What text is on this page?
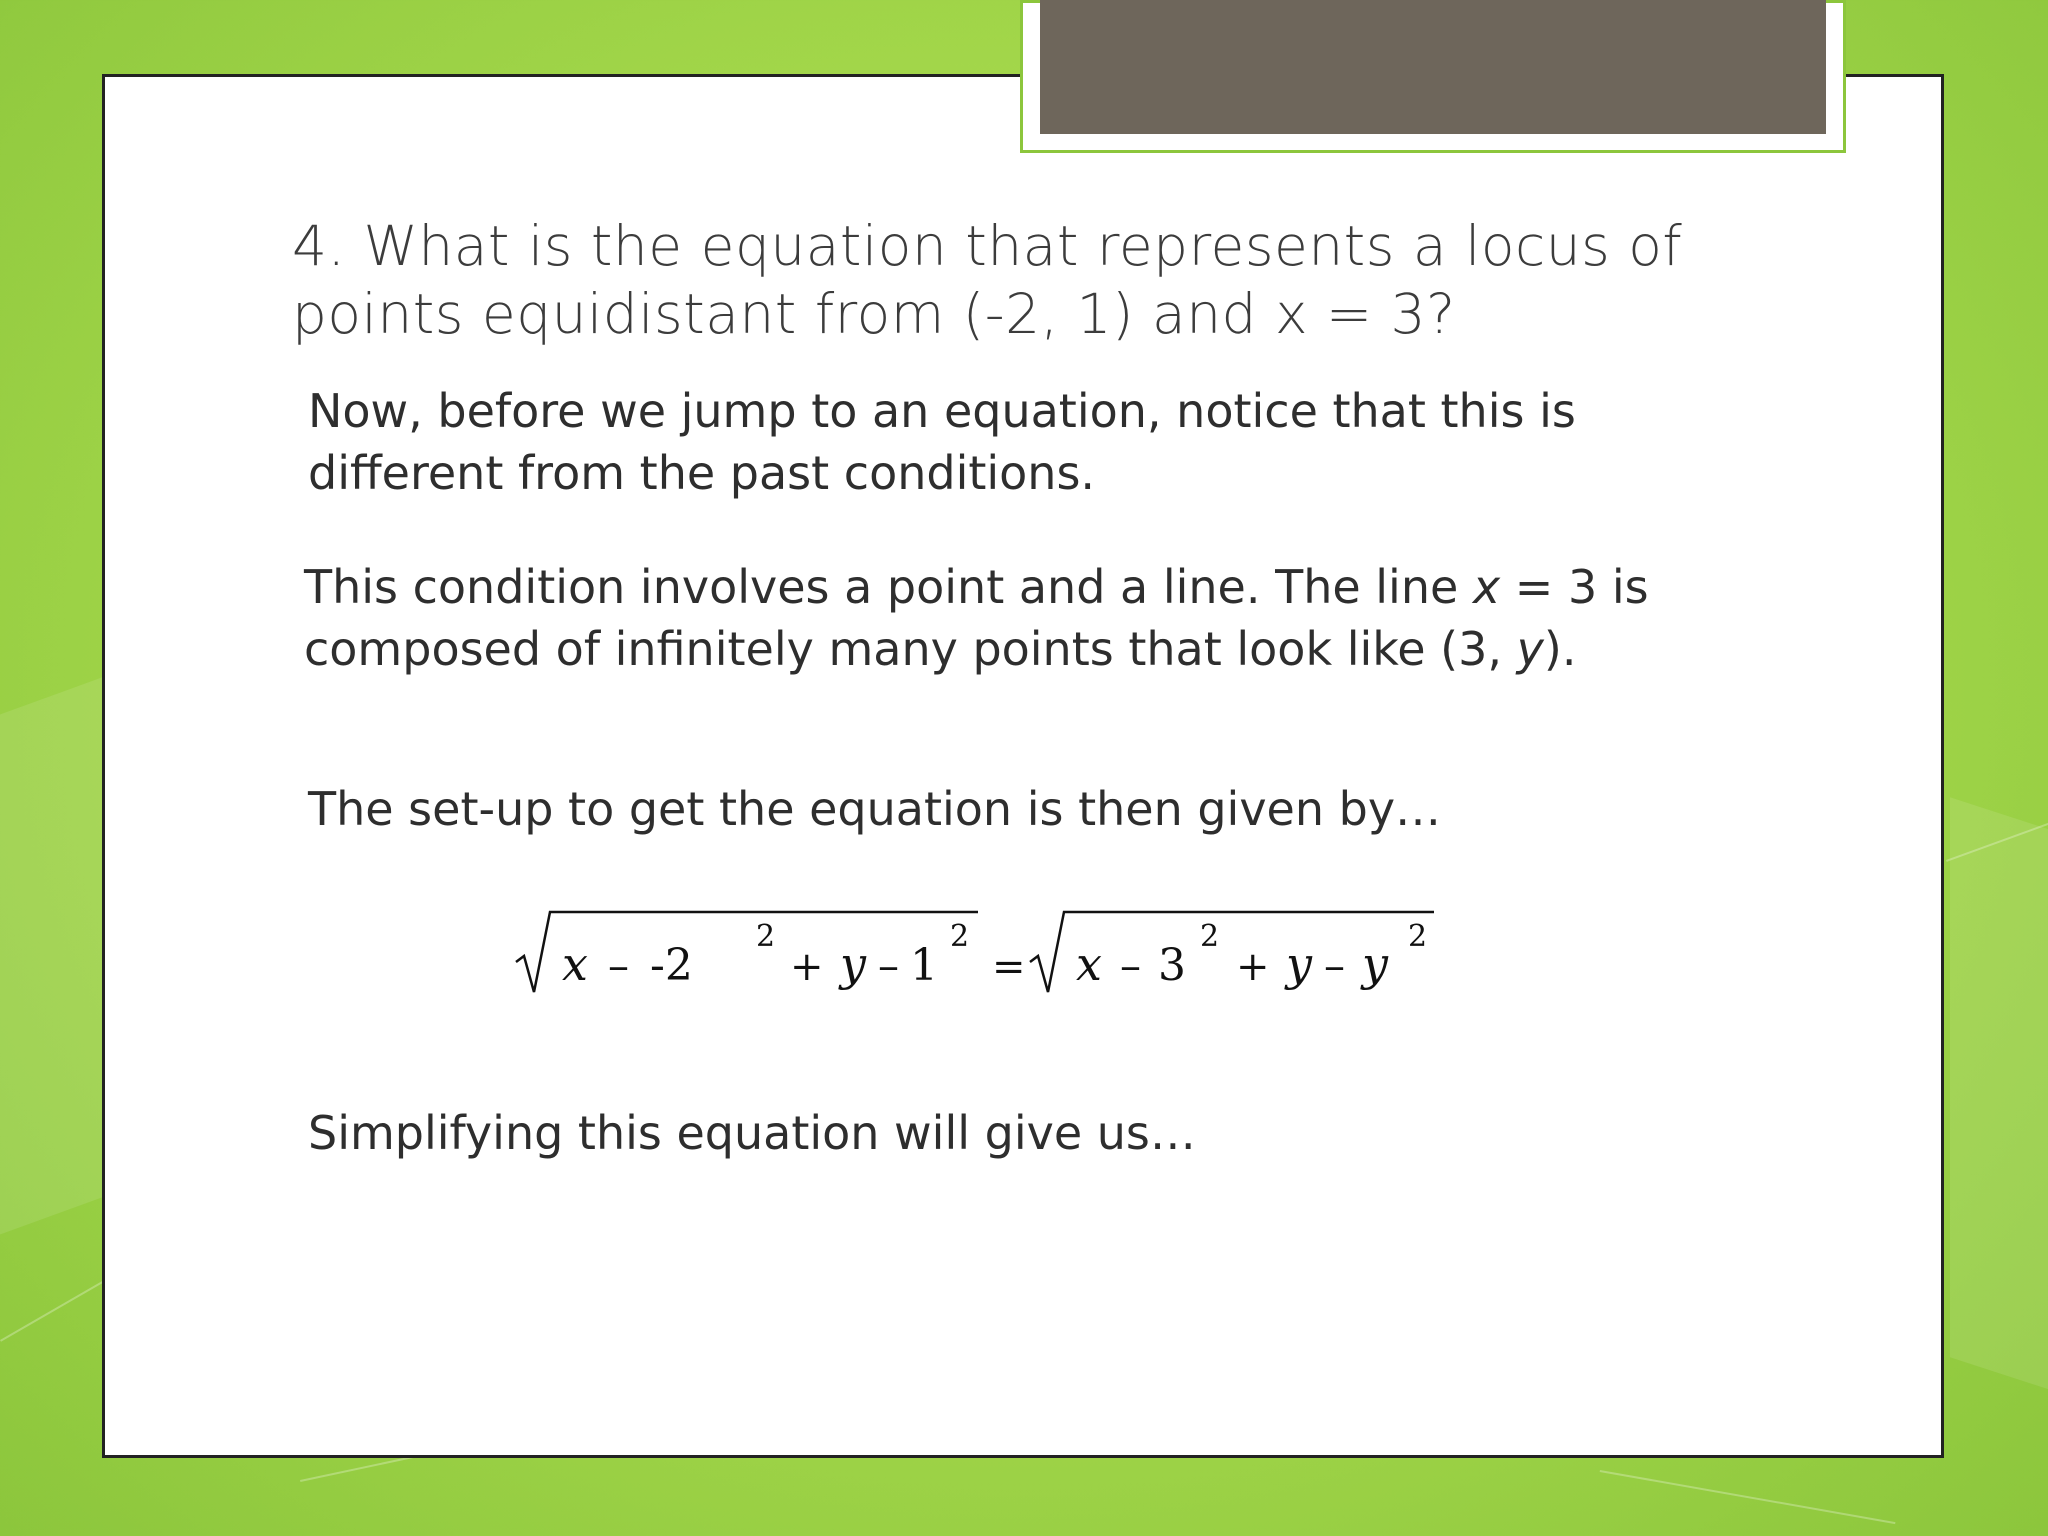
4. What is the equation that represents a locus of
points equidistant from (-2, 1) and x = 3?
Now, before we jump to an equation, notice that this is
different from the past conditions.
This condition involves a point and a line. The line x = 3 is
composed of infinitely many points that look like (3, y).
The set-up to get the equation is then given by…
x – -2
2
+ y – 1
2
= x – 3
2
+ y – y
2
Simplifying this equation will give us…
